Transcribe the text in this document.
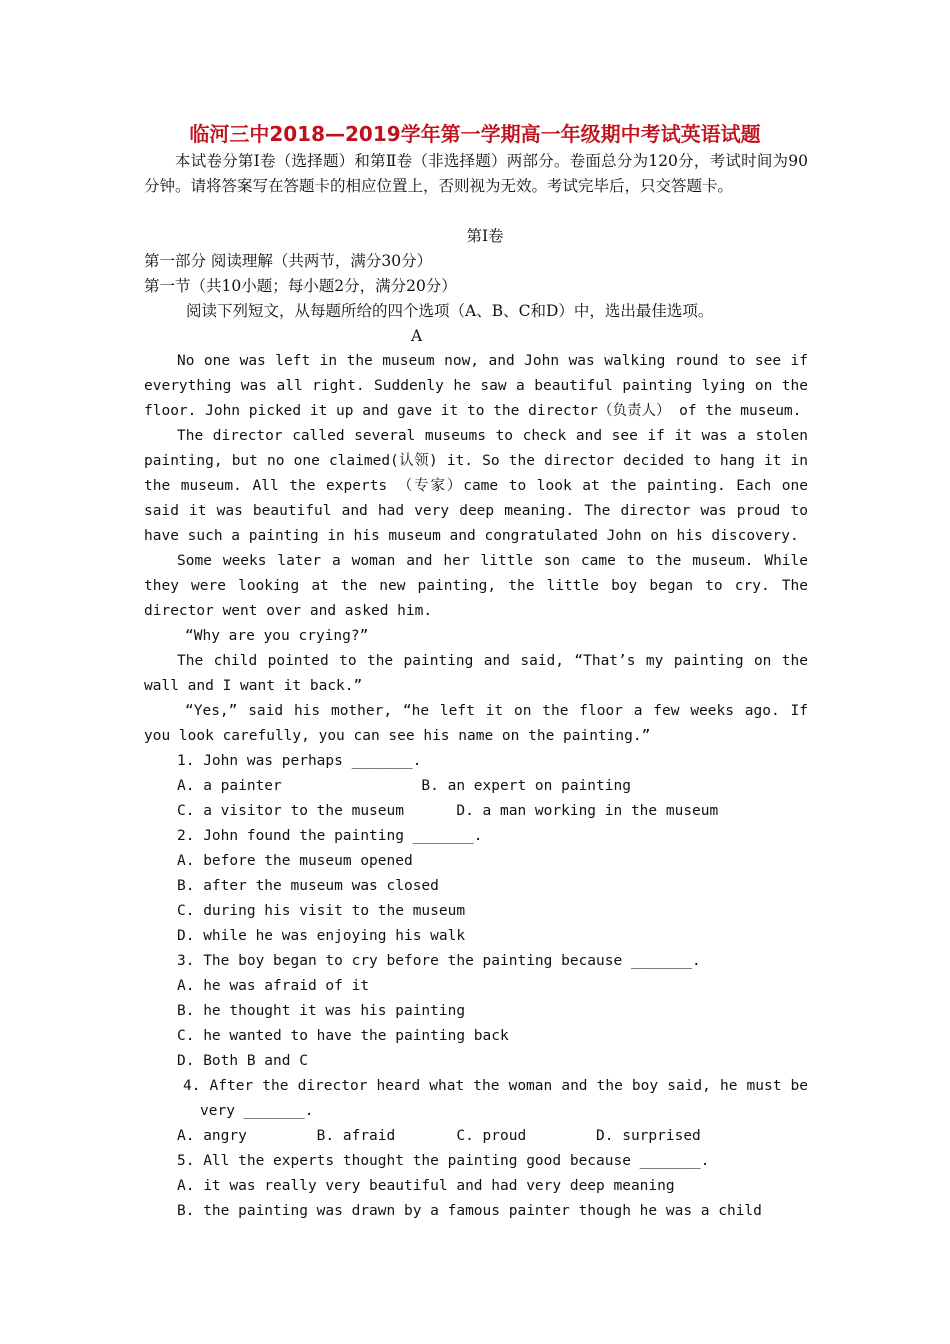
临河三中2018—2019学年第一学期高一年级期中考试英语试题
本试卷分第Ⅰ卷（选择题）和第Ⅱ卷（非选择题）两部分。卷面总分为120分，考试时间为90分钟。请将答案写在答题卡的相应位置上，否则视为无效。考试完毕后，只交答题卡。
第Ⅰ卷
第一部分 阅读理解（共两节，满分30分）
第一节（共10小题；每小题2分，满分20分）
阅读下列短文，从每题所给的四个选项（A、B、C和D）中，选出最佳选项。
A

No one was left in the museum now, and John was walking round to see if everything was all right. Suddenly he saw a beautiful painting lying on the floor. John picked it up and gave it to the director（负责人） of the museum.

The director called several museums to check and see if it was a stolen painting, but no one claimed(认领) it. So the director decided to hang it in the museum. All the experts （专家）came to look at the painting. Each one said it was beautiful and had very deep meaning. The director was proud to have such a painting in his museum and congratulated John on his discovery.

Some weeks later a woman and her little son came to the museum. While they were looking at the new painting, the little boy began to cry. The director went over and asked him.

“Why are you crying?”

The child pointed to the painting and said, “That’s my painting on the wall and I want it back.”

“Yes,” said his mother, “he left it on the floor a few weeks ago. If you look carefully, you can see his name on the painting.”

1. John was perhaps _______.
A. a painter                B. an expert on painting
C. a visitor to the museum      D. a man working in the museum
2. John found the painting _______.
A. before the museum opened
B. after the museum was closed
C. during his visit to the museum
D. while he was enjoying his walk
3. The boy began to cry before the painting because _______.
A. he was afraid of it
B. he thought it was his painting
C. he wanted to have the painting back
D. Both B and C
4. After the director heard what the woman and the boy said, he must be very _______.
A. angry        B. afraid       C. proud        D. surprised
5. All the experts thought the painting good because _______.
A. it was really very beautiful and had very deep meaning
B. the painting was drawn by a famous painter though he was a child
